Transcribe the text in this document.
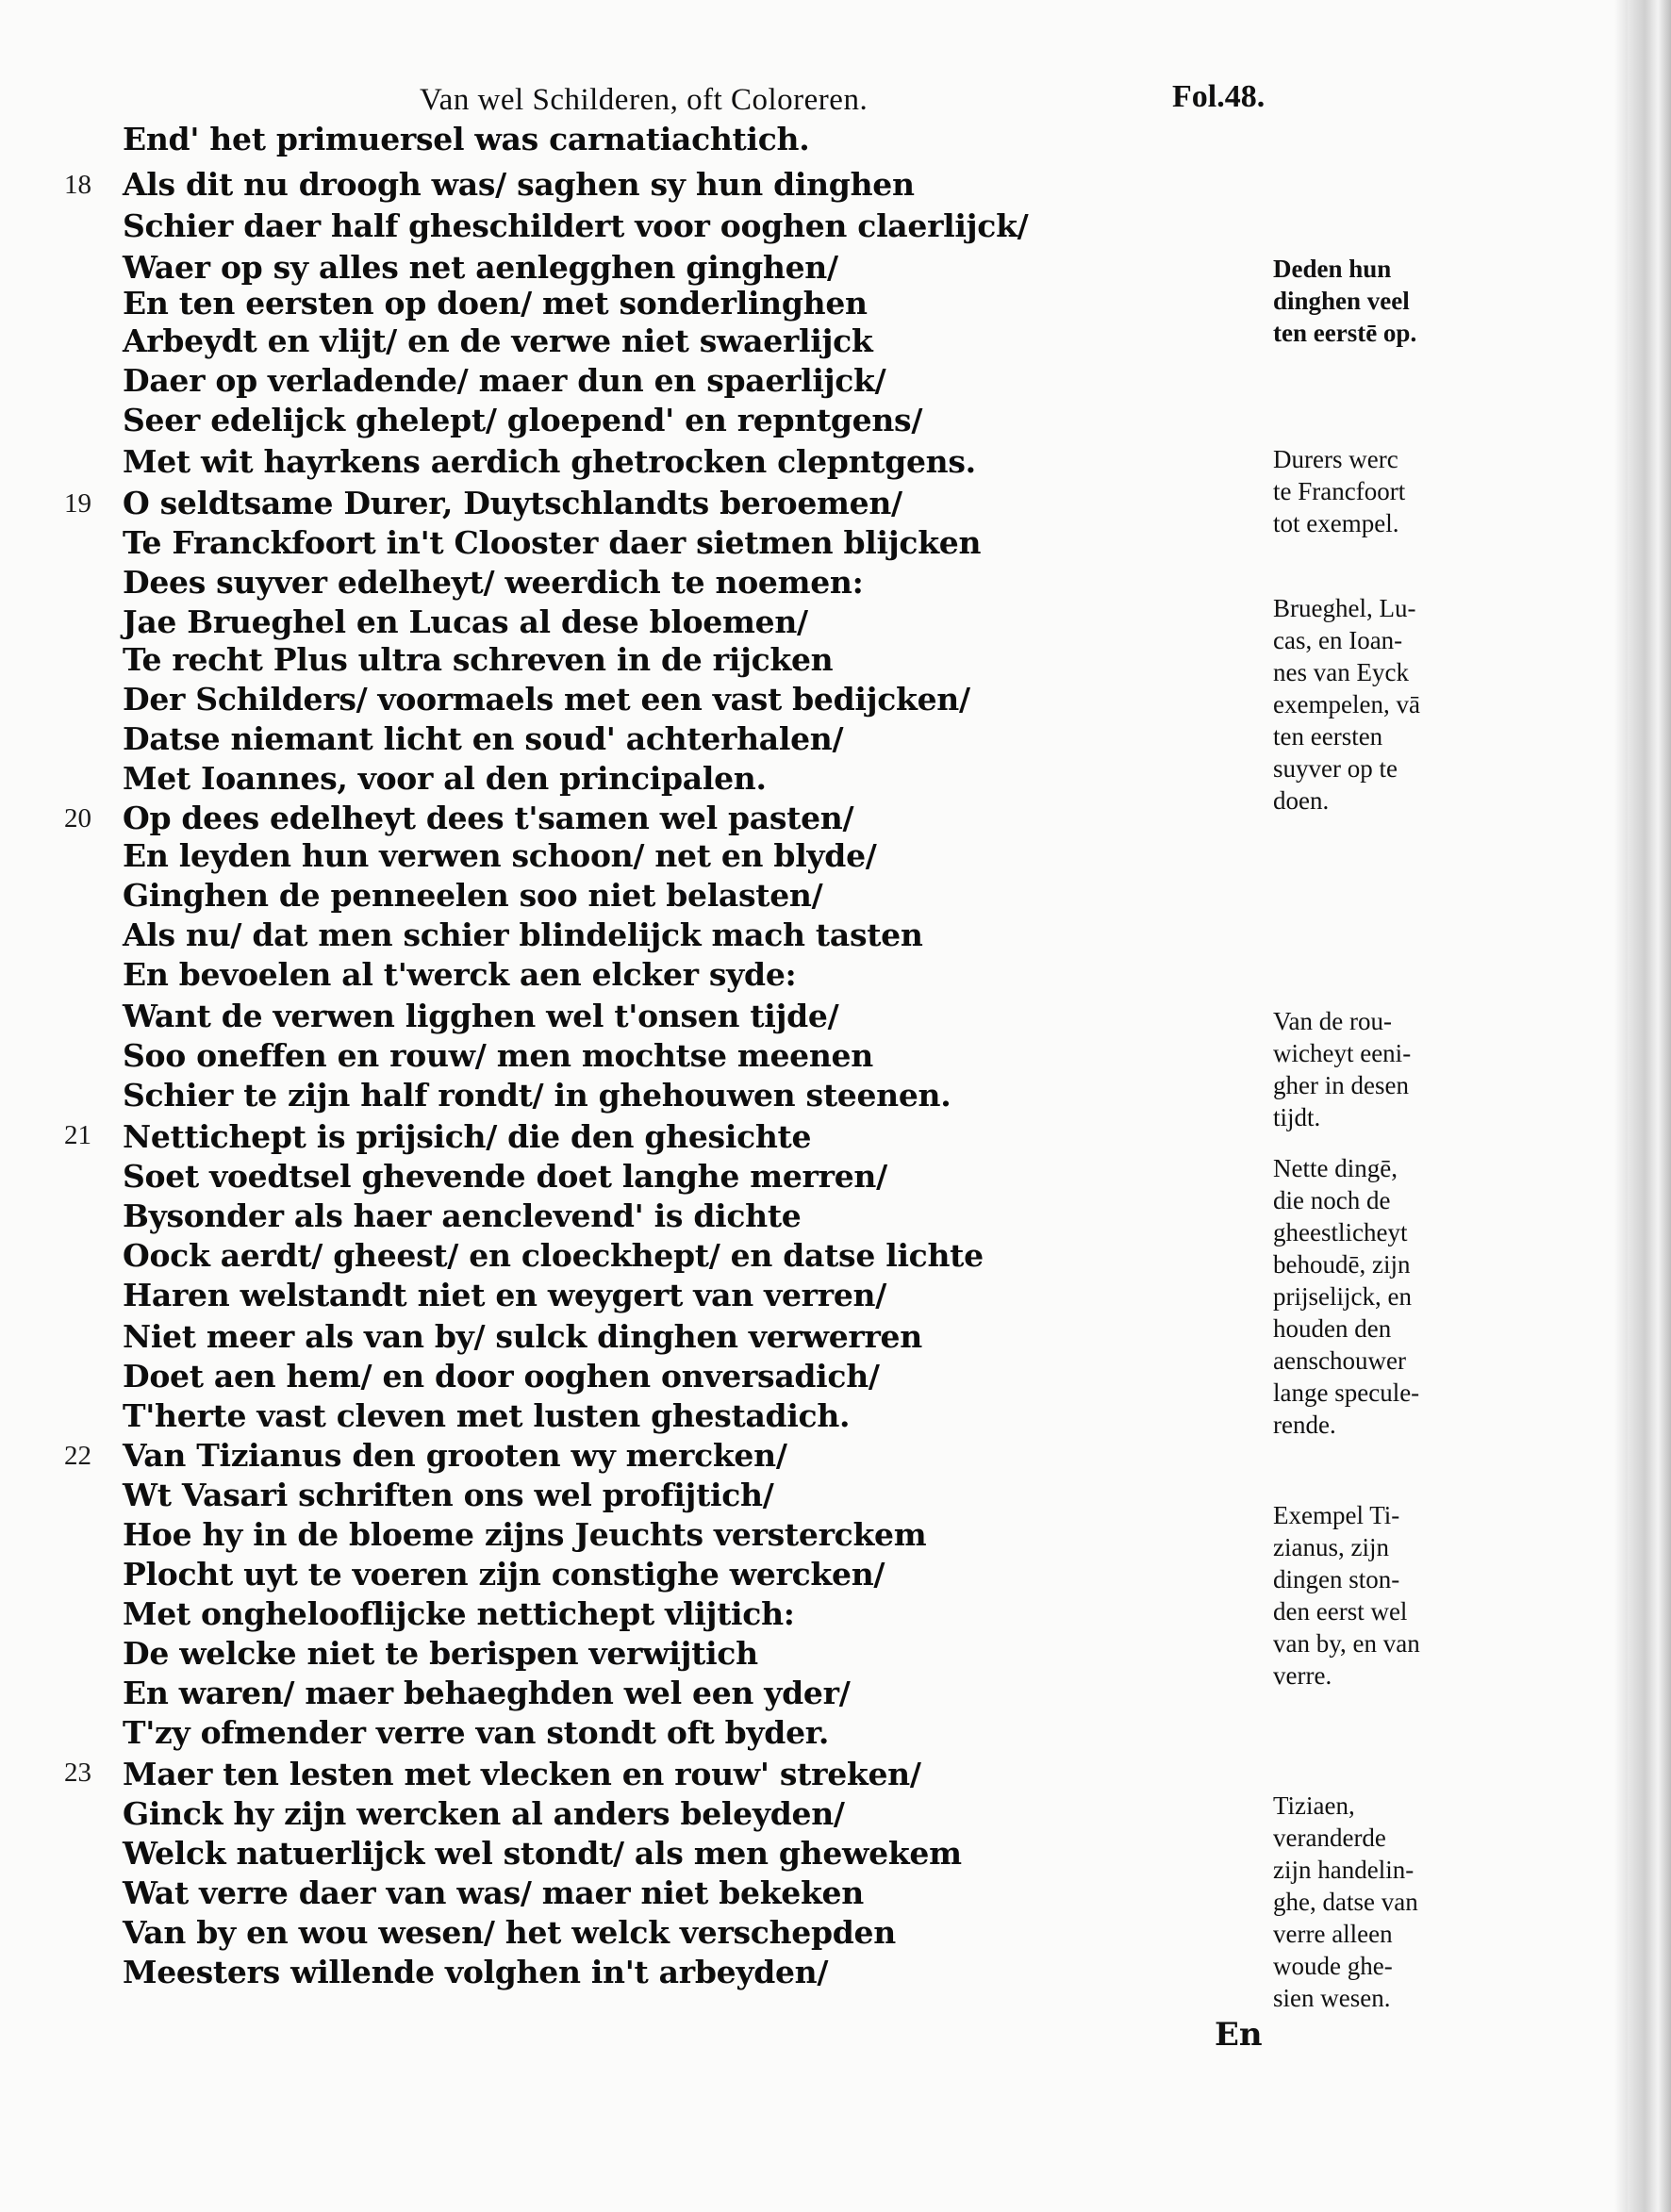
Van wel Schilderen, oft Coloreren.	Fol.48.
End' het primuersel was carnatiachtich.
Als dit nu droogh was/ saghen sy hun dinghen
Schier daer half gheschildert voor ooghen claerlijck/
Waer op sy alles net aenlegghen ginghen/
En ten eersten op doen/ met sonderlinghen
Arbeydt en vlijt/ en de verwe niet swaerlijck
Daer op verladende/ maer dun en spaerlijck/
Seer edelijck ghelept/ gloepend' en repntgens/
Met wit hayrkens aerdich ghetrocken clepntgens.
O seldtsame Durer, Duytschlandts beroemen/
Te Franckfoort in't Clooster daer sietmen blijcken
Dees suyver edelheyt/ weerdich te noemen:
Jae Brueghel en Lucas al dese bloemen/
Te recht Plus ultra schreven in de rijcken
Der Schilders/ voormaels met een vast bedijcken/
Datse niemant licht en soud' achterhalen/
Met Ioannes, voor al den principalen.
Op dees edelheyt dees t'samen wel pasten/
En leyden hun verwen schoon/ net en blyde/
Ginghen de penneelen soo niet belasten/
Als nu/ dat men schier blindelijck mach tasten
En bevoelen al t'werck aen elcker syde:
Want de verwen ligghen wel t'onsen tijde/
Soo oneffen en rouw/ men mochtse meenen
Schier te zijn half rondt/ in ghehouwen steenen.
Nettichept is prijsich/ die den ghesichte
Soet voedtsel ghevende doet langhe merren/
Bysonder als haer aenclevend' is dichte
Oock aerdt/ gheest/ en cloeckhept/ en datse lichte
Haren welstandt niet en weygert van verren/
Niet meer als van by/ sulck dinghen verwerren
Doet aen hem/ en door ooghen onversadich/
T'herte vast cleven met lusten ghestadich.
Van Tizianus den grooten wy mercken/
Wt Vasari schriften ons wel profijtich/
Hoe hy in de bloeme zijns Jeuchts versterckem
Plocht uyt te voeren zijn constighe wercken/
Met onghelooflijcke nettichept vlijtich:
De welcke niet te berispen verwijtich
En waren/ maer behaeghden wel een yder/
T'zy ofmender verre van stondt oft byder.
Maer ten lesten met vlecken en rouw' streken/
Ginck hy zijn wercken al anders beleyden/
Welck natuerlijck wel stondt/ als men ghewekem
Wat verre daer van was/ maer niet bekeken
Van by en wou wesen/ het welck verschepden
Meesters willende volghen in't arbeyden/
18
19
20
21
22
23
Deden hun
dinghen veel
ten eerstē op.
Durers werc
te Francfoort
tot exempel.
Brueghel, Lu-
cas, en Ioan-
nes van Eyck
exempelen, vā
ten eersten
suyver op te
doen.
Van de rou-
wicheyt eeni-
gher in desen
tijdt.
Nette dingē,
die noch de
gheestlicheyt
behoudē, zijn
prijselijck, en
houden den
aenschouwer
lange specule-
rende.
Exempel Ti-
zianus, zijn
dingen ston-
den eerst wel
van by, en van
verre.
Tiziaen,
veranderde
zijn handelin-
ghe, datse van
verre alleen
woude ghe-
sien wesen.
En
